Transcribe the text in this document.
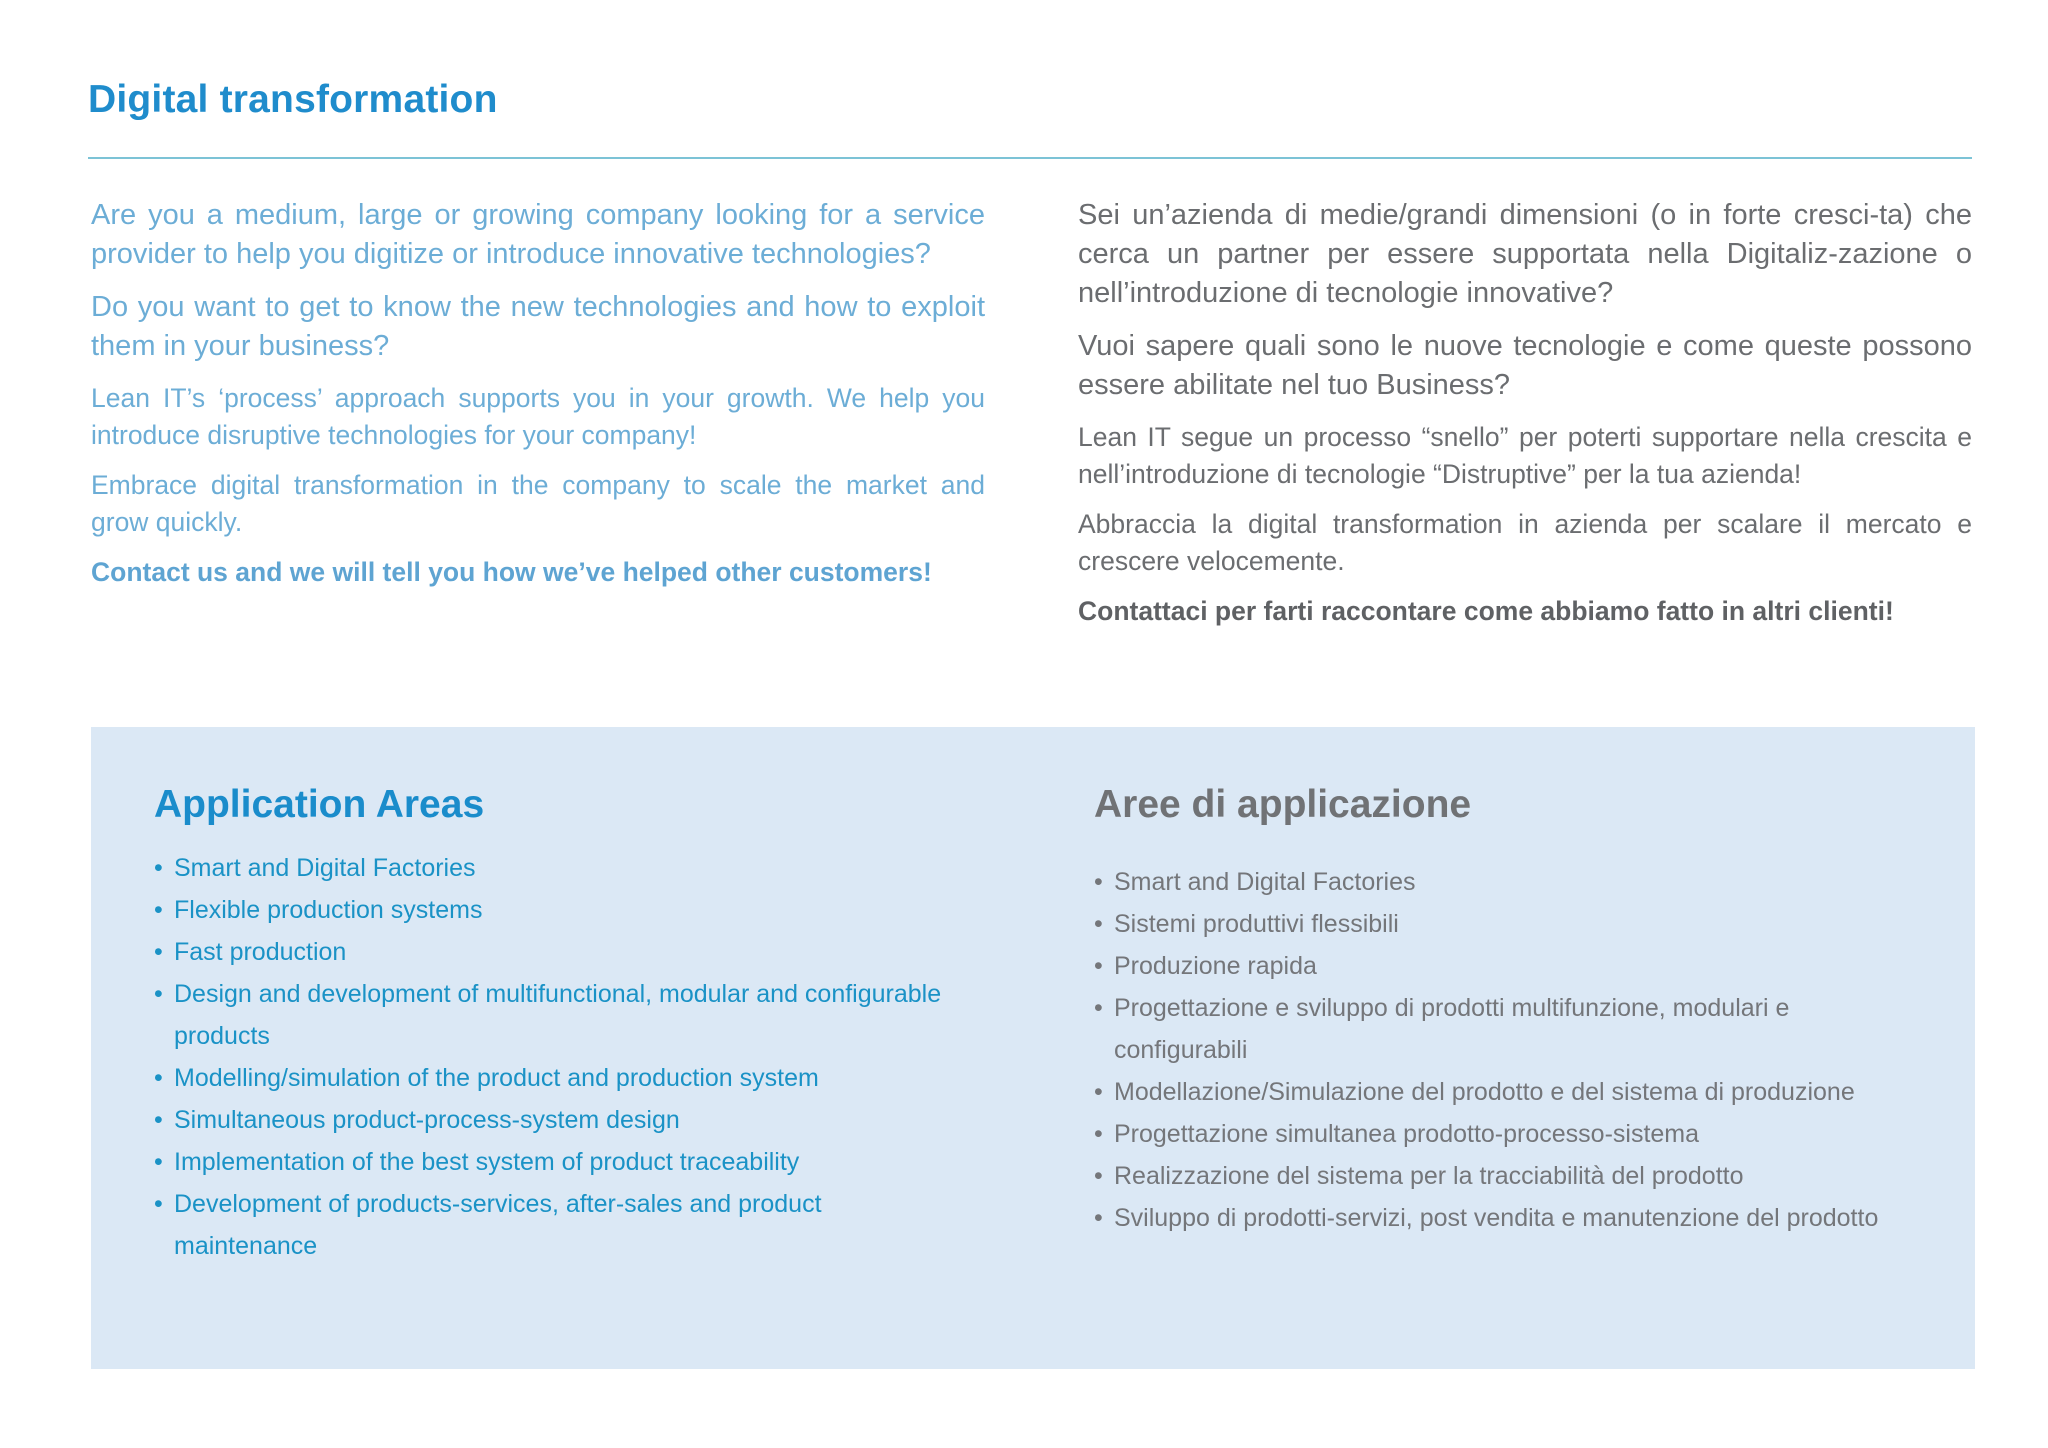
Digital transformation

Are you a medium, large or growing company looking for a service provider to help you digitize or introduce innovative technologies?

Do you want to get to know the new technologies and how to exploit them in your business?

Lean IT’s ‘process’ approach supports you in your growth. We help you introduce disruptive technologies for your company!

Embrace digital transformation in the company to scale the market and grow quickly.

Contact us and we will tell you how we’ve helped other customers!

Sei un’azienda di medie/grandi dimensioni (o in forte cresci-ta) che cerca un partner per essere supportata nella Digitaliz-zazione o nell’introduzione di tecnologie innovative?

Vuoi sapere quali sono le nuove tecnologie e come queste possono essere abilitate nel tuo Business?

Lean IT segue un processo “snello” per poterti supportare nella crescita e nell’introduzione di tecnologie “Distruptive” per la tua azienda!

Abbraccia la digital transformation in azienda per scalare il mercato e crescere velocemente.

Contattaci per farti raccontare come abbiamo fatto in altri clienti!

Application Areas
• Smart and Digital Factories
• Flexible production systems
• Fast production
• Design and development of multifunctional, modular and configurable products
• Modelling/simulation of the product and production system
• Simultaneous product-process-system design
• Implementation of the best system of product traceability
• Development of products-services, after-sales and product maintenance
Aree di applicazione
• Smart and Digital Factories
• Sistemi produttivi flessibili
• Produzione rapida
• Progettazione e sviluppo di prodotti multifunzione, modulari e configurabili
• Modellazione/Simulazione del prodotto e del sistema di produzione
• Progettazione simultanea prodotto-processo-sistema
• Realizzazione del sistema per la tracciabilità del prodotto
• Sviluppo di prodotti-servizi, post vendita e manutenzione del prodotto
